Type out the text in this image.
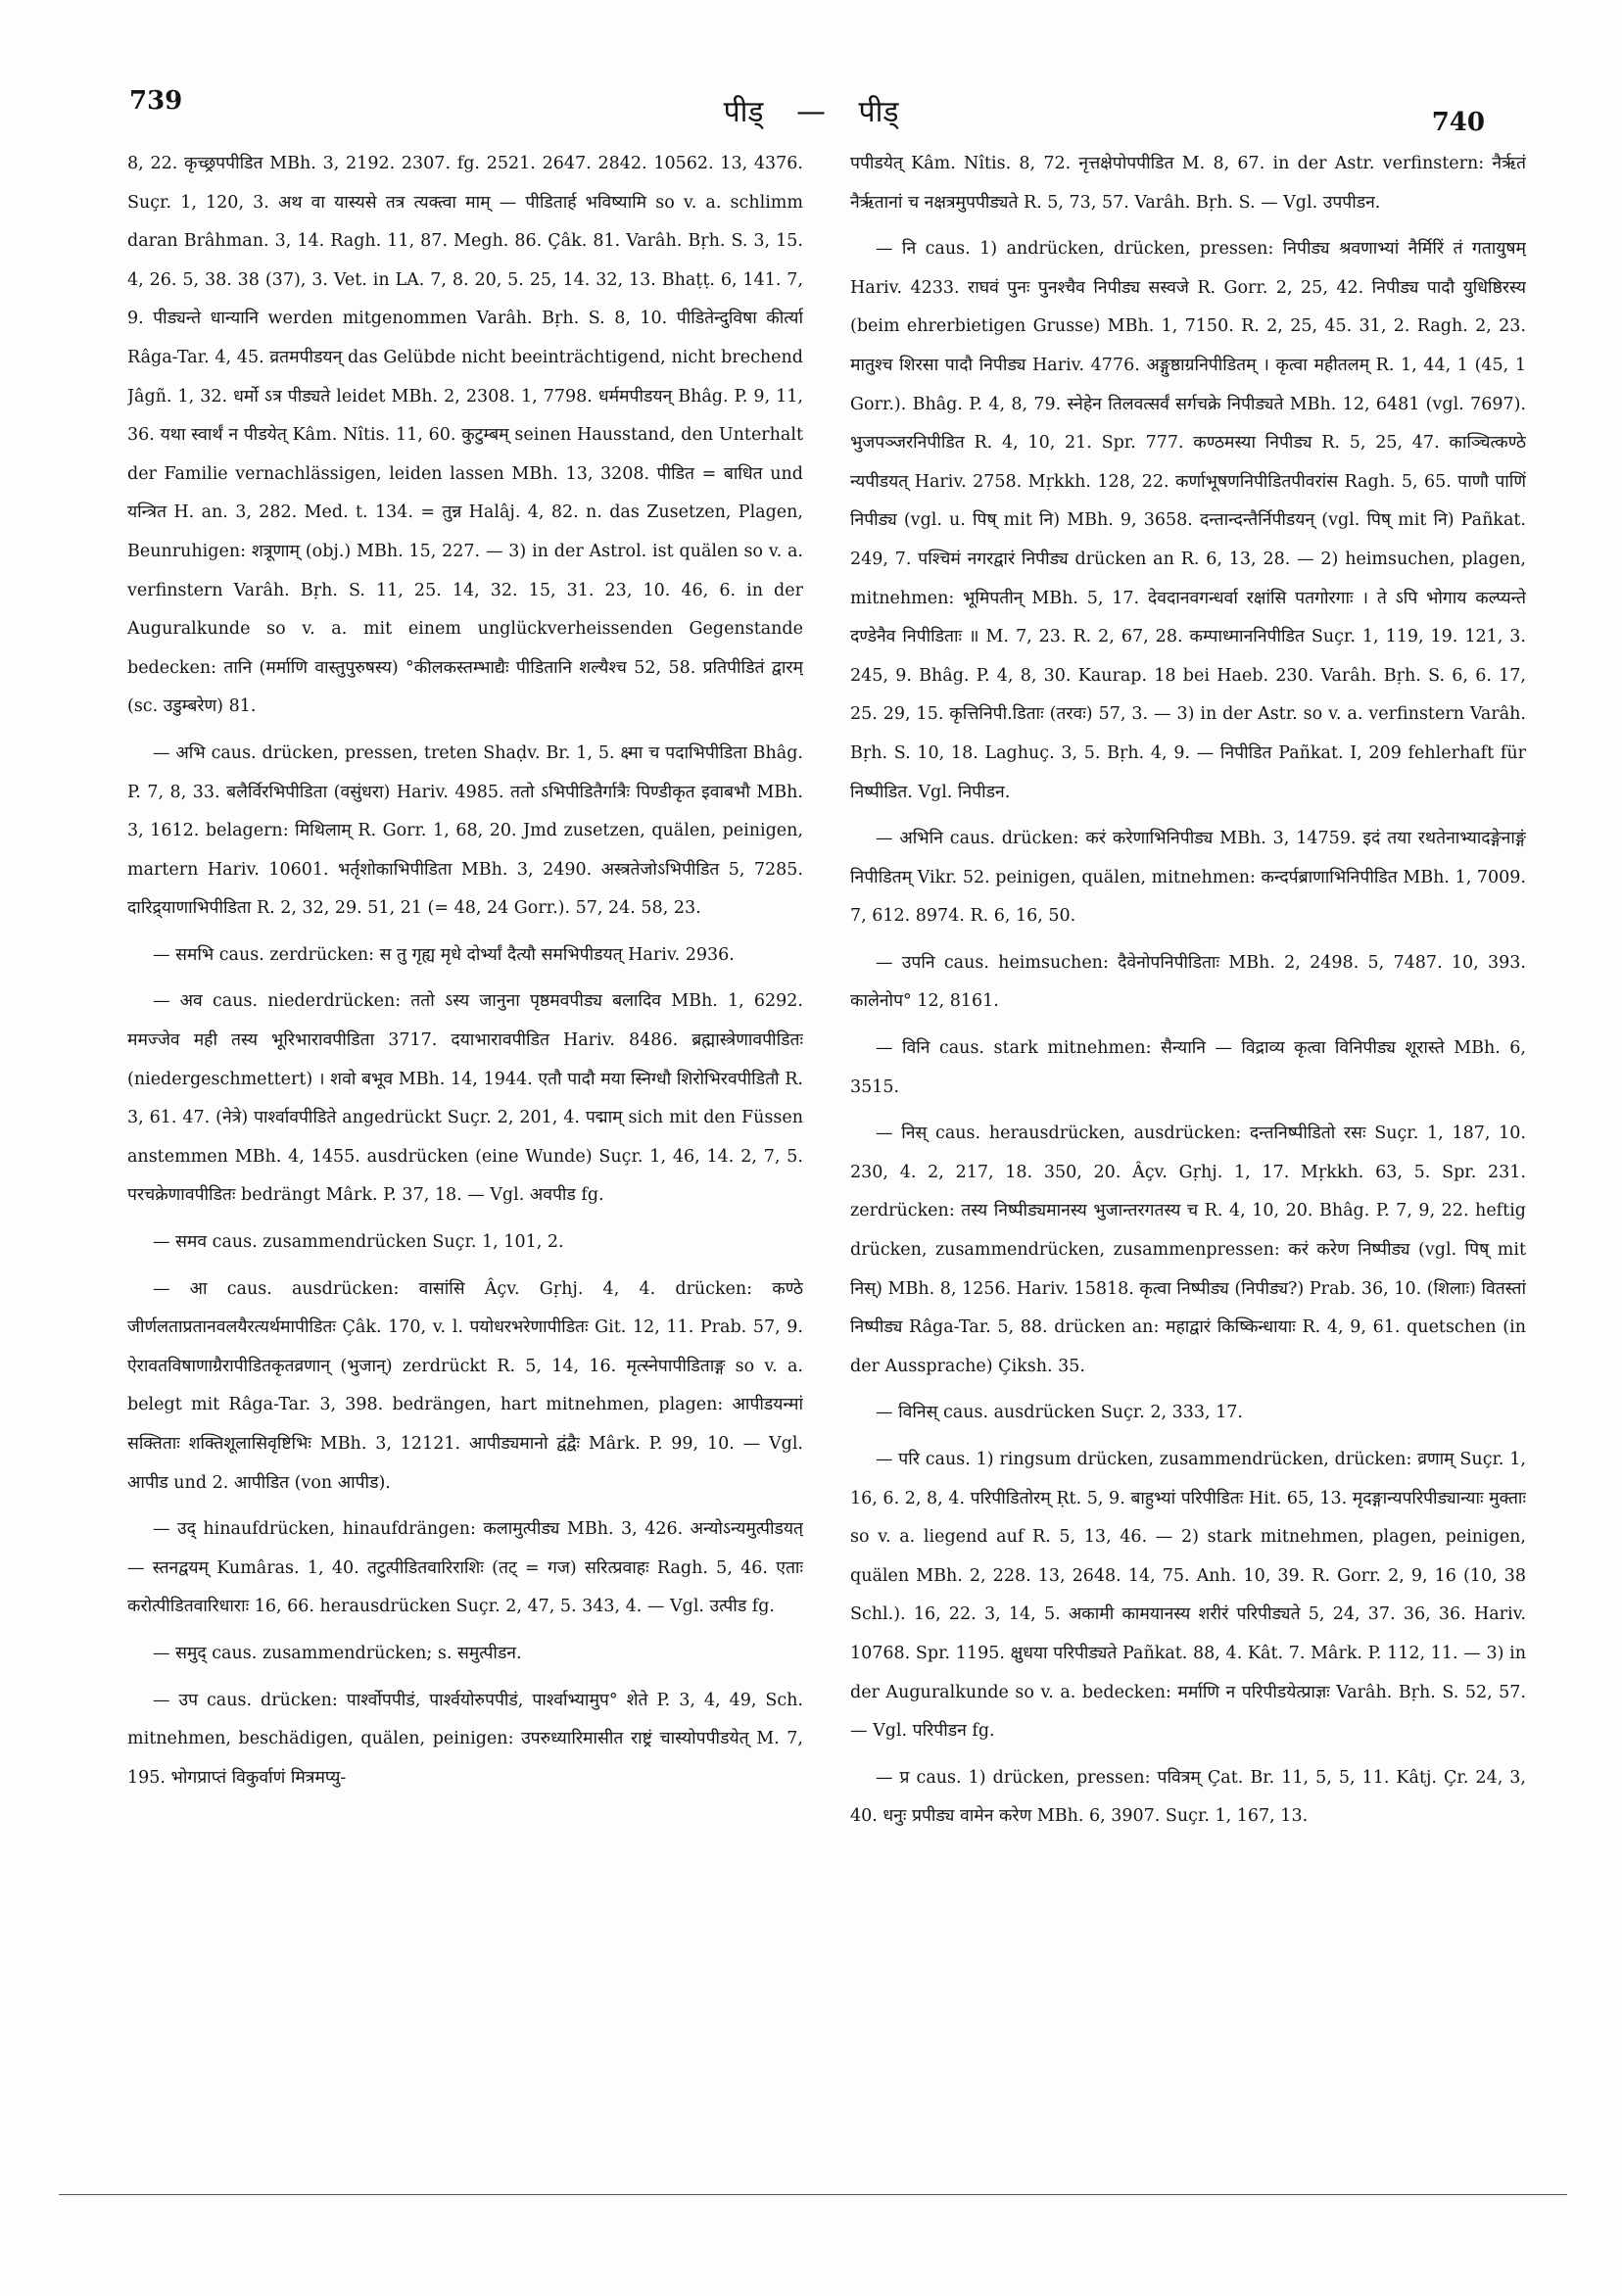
739	पीड् — पीड्	740

8, 22. कृच्छ्रपपीडित MBh. 3, 2192. 2307. fg. 2521. 2647. 2842. 10562. 13, 4376. Suçr. 1, 120, 3. अथ वा यास्यसे तत्र त्यक्त्वा माम् — पीडितार्ह भविष्यामि so v. a. schlimm daran Brâhman. 3, 14. Ragh. 11, 87. Megh. 86. Çâk. 81. Varâh. Bṛh. S. 3, 15. 4, 26. 5, 38. 38 (37), 3. Vet. in LA. 7, 8. 20, 5. 25, 14. 32, 13. Bhaṭṭ. 6, 141. 7, 9. पीड्यन्ते धान्यानि werden mitgenommen Varâh. Bṛh. S. 8, 10. पीडितेन्दुविषा कीर्त्या Râga-Tar. 4, 45. व्रतमपीडयन् das Gelübde nicht beeinträchtigend, nicht brechend Jâgñ. 1, 32. धर्मो ऽत्र पीड्यते leidet MBh. 2, 2308. 1, 7798. धर्ममपीडयन् Bhâg. P. 9, 11, 36. यथा स्वार्थं न पीडयेत् Kâm. Nîtis. 11, 60. कुटुम्बम् seinen Hausstand, den Unterhalt der Familie vernachlässigen, leiden lassen MBh. 13, 3208. पीडित = बाधित und यन्त्रित H. an. 3, 282. Med. t. 134. = तुन्न Halâj. 4, 82. n. das Zusetzen, Plagen, Beunruhigen: शत्रूणाम् (obj.) MBh. 15, 227. — 3) in der Astrol. ist quälen so v. a. verfinstern Varâh. Bṛh. S. 11, 25. 14, 32. 15, 31. 23, 10. 46, 6. in der Auguralkunde so v. a. mit einem unglückverheissenden Gegenstande bedecken: तानि (मर्माणि वास्तुपुरुषस्य) °कीलकस्तम्भाद्यैः पीडितानि शल्यैश्च 52, 58. प्रतिपीडितं द्वारम् (sc. उडुम्बरेण) 81.

— अभि caus. drücken, pressen, treten Shaḍv. Br. 1, 5. क्ष्मा च पदाभिपीडिता Bhâg. P. 7, 8, 33. बलैर्विरभिपीडिता (वसुंधरा) Hariv. 4985. ततो ऽभिपीडितैर्गात्रैः पिण्डीकृत इवाबभौ MBh. 3, 1612. belagern: मिथिलाम् R. Gorr. 1, 68, 20. Jmd zusetzen, quälen, peinigen, martern Hariv. 10601. भर्तृशोकाभिपीडिता MBh. 3, 2490. अस्त्रतेजोऽभिपीडित 5, 7285. दारिद्र्याणाभिपीडिता R. 2, 32, 29. 51, 21 (= 48, 24 Gorr.). 57, 24. 58, 23.

— समभि caus. zerdrücken: स तु गृह्य मृधे दोर्भ्यां दैत्यौ समभिपीडयत् Hariv. 2936.

— अव caus. niederdrücken: ततो ऽस्य जानुना पृष्ठमवपीड्य बलादिव MBh. 1, 6292. ममज्जेव मही तस्य भूरिभारावपीडिता 3717. दयाभारावपीडित Hariv. 8486. ब्रह्मास्त्रेणावपीडितः (niedergeschmettert) । शवो बभूव MBh. 14, 1944. एतौ पादौ मया स्निग्धौ शिरोभिरवपीडितौ R. 3, 61. 47. (नेत्रे) पार्श्वावपीडिते angedrückt Suçr. 2, 201, 4. पद्माम् sich mit den Füssen anstemmen MBh. 4, 1455. ausdrücken (eine Wunde) Suçr. 1, 46, 14. 2, 7, 5. परचक्रेणावपीडितः bedrängt Mârk. P. 37, 18. — Vgl. अवपीड fg.

— समव caus. zusammendrücken Suçr. 1, 101, 2.

— आ caus. ausdrücken: वासांसि Âçv. Gṛhj. 4, 4. drücken: कण्ठे जीर्णलताप्रतानवलयैरत्यर्थमापीडितः Çâk. 170, v. l. पयोधरभरेणापीडितः Git. 12, 11. Prab. 57, 9. ऐरावतविषाणाग्रैरापीडितकृतव्रणान् (भुजान्) zerdrückt R. 5, 14, 16. मृत्स्नेपापीडिताङ्ग so v. a. belegt mit Râga-Tar. 3, 398. bedrängen, hart mitnehmen, plagen: आपीडयन्मां सक्तिताः शक्तिशूलासिवृष्टिभिः MBh. 3, 12121. आपीड्यमानो द्वंद्वैः Mârk. P. 99, 10. — Vgl. आपीड und 2. आपीडित (von आपीड).

— उद् hinaufdrücken, hinaufdrängen: कलामुत्पीड्य MBh. 3, 426. अन्योऽन्यमुत्पीडयत् — स्तनद्वयम् Kumâras. 1, 40. तटुत्पीडितवारिराशिः (तट् = गज) सरित्प्रवाहः Ragh. 5, 46. एताः करोत्पीडितवारिधाराः 16, 66. herausdrücken Suçr. 2, 47, 5. 343, 4. — Vgl. उत्पीड fg.

— समुद् caus. zusammendrücken; s. समुत्पीडन.

— उप caus. drücken: पार्श्वोपपीडं, पार्श्वयोरुपपीडं, पार्श्वाभ्यामुप° शेते P. 3, 4, 49, Sch. mitnehmen, beschädigen, quälen, peinigen: उपरुध्यारिमासीत राष्ट्रं चास्योपपीडयेत् M. 7, 195. भोगप्राप्तं विकुर्वाणं मित्रमप्यु-

पपीडयेत् Kâm. Nîtis. 8, 72. नृत्तक्षेपोपपीडित M. 8, 67. in der Astr. verfinstern: नैर्ऋतं नैर्ऋतानां च नक्षत्रमुपपीड्यते R. 5, 73, 57. Varâh. Bṛh. S. — Vgl. उपपीडन.

— नि caus. 1) andrücken, drücken, pressen: निपीड्य श्रवणाभ्यां नैर्मिरिं तं गतायुषम् Hariv. 4233. राघवं पुनः पुनश्चैव निपीड्य सस्वजे R. Gorr. 2, 25, 42. निपीड्य पादौ युधिष्ठिरस्य (beim ehrerbietigen Grusse) MBh. 1, 7150. R. 2, 25, 45. 31, 2. Ragh. 2, 23. मातुश्च शिरसा पादौ निपीड्य Hariv. 4776. अङ्गुष्ठाग्रनिपीडितम् । कृत्वा महीतलम् R. 1, 44, 1 (45, 1 Gorr.). Bhâg. P. 4, 8, 79. स्नेहेन तिलवत्सर्वं सर्गचक्रे निपीड्यते MBh. 12, 6481 (vgl. 7697). भुजपञ्जरनिपीडित R. 4, 10, 21. Spr. 777. कण्ठमस्या निपीड्य R. 5, 25, 47. काञ्चित्कण्ठे न्यपीडयत् Hariv. 2758. Mṛkkh. 128, 22. कर्णाभूषणनिपीडितपीवरांस Ragh. 5, 65. पाणौ पाणिं निपीड्य (vgl. u. पिष् mit नि) MBh. 9, 3658. दन्तान्दन्तैर्निपीडयन् (vgl. पिष् mit नि) Pañkat. 249, 7. पश्चिमं नगरद्वारं निपीड्य drücken an R. 6, 13, 28. — 2) heimsuchen, plagen, mitnehmen: भूमिपतीन् MBh. 5, 17. देवदानवगन्धर्वा रक्षांसि पतगोरगाः । ते ऽपि भोगाय कल्प्यन्ते दण्डेनैव निपीडिताः ॥ M. 7, 23. R. 2, 67, 28. कम्पाध्माननिपीडित Suçr. 1, 119, 19. 121, 3. 245, 9. Bhâg. P. 4, 8, 30. Kaurap. 18 bei Haeb. 230. Varâh. Bṛh. S. 6, 6. 17, 25. 29, 15. कृत्तिनिपी.डिताः (तरवः) 57, 3. — 3) in der Astr. so v. a. verfinstern Varâh. Bṛh. S. 10, 18. Laghuç. 3, 5. Bṛh. 4, 9. — निपीडित Pañkat. I, 209 fehlerhaft für निष्पीडित. Vgl. निपीडन.

— अभिनि caus. drücken: करं करेणाभिनिपीड्य MBh. 3, 14759. इदं तया रथतेनाभ्यादङ्गेनाङ्गं निपीडितम् Vikr. 52. peinigen, quälen, mitnehmen: कन्दर्पब्राणाभिनिपीडित MBh. 1, 7009. 7, 612. 8974. R. 6, 16, 50.

— उपनि caus. heimsuchen: दैवेनोपनिपीडिताः MBh. 2, 2498. 5, 7487. 10, 393. कालेनोप° 12, 8161.

— विनि caus. stark mitnehmen: सैन्यानि — विद्राव्य कृत्वा विनिपीड्य शूरास्ते MBh. 6, 3515.

— निस् caus. herausdrücken, ausdrücken: दन्तनिष्पीडितो रसः Suçr. 1, 187, 10. 230, 4. 2, 217, 18. 350, 20. Âçv. Gṛhj. 1, 17. Mṛkkh. 63, 5. Spr. 231. zerdrücken: तस्य निष्पीड्यमानस्य भुजान्तरगतस्य च R. 4, 10, 20. Bhâg. P. 7, 9, 22. heftig drücken, zusammendrücken, zusammenpressen: करं करेण निष्पीड्य (vgl. पिष् mit निस्) MBh. 8, 1256. Hariv. 15818. कृत्वा निष्पीड्य (निपीड्य?) Prab. 36, 10. (शिलाः) वितस्तां निष्पीड्य Râga-Tar. 5, 88. drücken an: महाद्वारं किष्किन्धायाः R. 4, 9, 61. quetschen (in der Aussprache) Çiksh. 35.

— विनिस् caus. ausdrücken Suçr. 2, 333, 17.

— परि caus. 1) ringsum drücken, zusammendrücken, drücken: व्रणाम् Suçr. 1, 16, 6. 2, 8, 4. परिपीडितोरम् Ṛt. 5, 9. बाहुभ्यां परिपीडितः Hit. 65, 13. मृदङ्गान्यपरिपीड्यान्याः मुक्ताः so v. a. liegend auf R. 5, 13, 46. — 2) stark mitnehmen, plagen, peinigen, quälen MBh. 2, 228. 13, 2648. 14, 75. Anh. 10, 39. R. Gorr. 2, 9, 16 (10, 38 Schl.). 16, 22. 3, 14, 5. अकामी कामयानस्य शरीरं परिपीड्यते 5, 24, 37. 36, 36. Hariv. 10768. Spr. 1195. क्षुधया परिपीड्यते Pañkat. 88, 4. Kât. 7. Mârk. P. 112, 11. — 3) in der Auguralkunde so v. a. bedecken: मर्माणि न परिपीडयेत्प्राज्ञः Varâh. Bṛh. S. 52, 57. — Vgl. परिपीडन fg.

— प्र caus. 1) drücken, pressen: पवित्रम् Çat. Br. 11, 5, 5, 11. Kâtj. Çr. 24, 3, 40. धनुः प्रपीड्य वामेन करेण MBh. 6, 3907. Suçr. 1, 167, 13.
